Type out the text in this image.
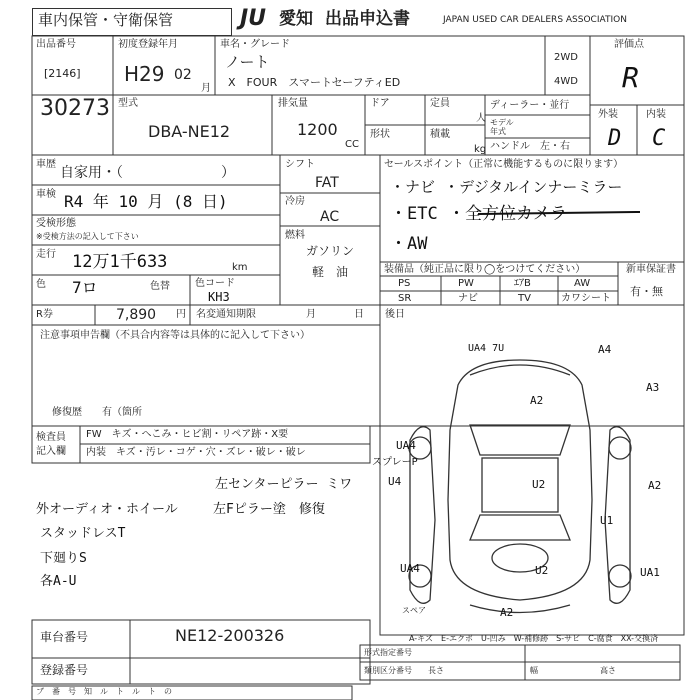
車内保管・守衛保管	JU 愛知 出品申込書	JAPAN USED CAR DEALERS ASSOCIATION
出品番号
[2146]
30273
初度登録年月
H29 02
月
車名・グレード
ノート
X　FOUR　スマートセーフティED
2WD
4WD
評価点
R
外装	内装
D C
型式
DBA-NE12
排気量
1200
CC
ドア
形状
定員
人
積載
kg
ディーラー・並行
モデル
年式
ハンドル　左・右
車歴
自家用・（　　　　　　　）
車検 R4 年 10 月 (8 日)
受検形態
※受検方法の記入して下さい
走行 12万1千633	km
色 7ロ	色替	色コード
KH3
シフト
FAT
冷房
AC
燃料
ガソリン
軽　油
セールスポイント（正常に機能するものに限ります）
・ナビ ・デジタルインナーミラー
・ETC ・全方位カメラ
・AW
装備品（純正品に限り◯をつけてください）	新車保証書
有・無
PS	PW	ｴｱB	AW
SR	ナビ	TV	カワシート
R券	7,890 円 名変通知期限	月	日 後日
注意事項申告欄（不具合内容等は具体的に記入して下さい）
修復歴　　有（箇所
検査員
記入欄
FW　キズ・へこみ・ヒビ割・リペア跡・X要
内装　キズ・汚レ・コゲ・穴・ズレ・破レ・破レ
左センターピラー ミワ
外オーディオ・ホイール	左Fピラー塗　修復
スタッドレスT
下廻りS
各A-U
UA4 7U	A4
A3
A2
UA4
スプレーP
U4	U2	A2
U1
U2
UA4	UA1
A2
スペア
A-キズ　E-エクボ　U-凹み　W-補修跡　S-サビ　C-腐食　XX-交換済
車台番号	NE12-200326
登録番号
形式指定番号
類別区分番号 長さ	幅	高さ
ブ　番　号　知　ル　ト　ル　ト　の
